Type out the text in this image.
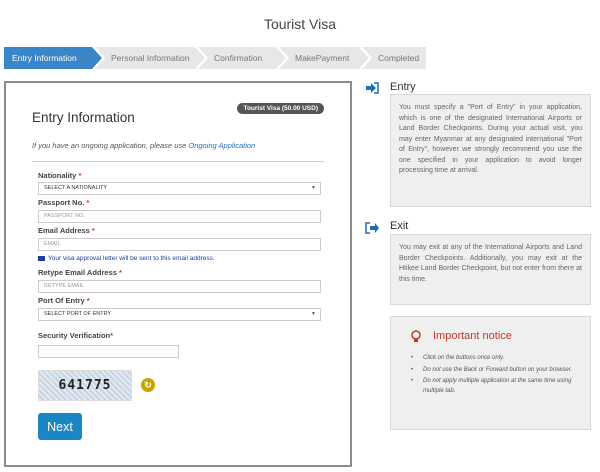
Tourist Visa
Entry Information	Personal Information	Confirmation	MakePayment	Completed
Entry Information
Tourist Visa (50.00 USD)
If you have an ongoing application, please use Ongoing Application
Nationality *
SELECT A NATIONALITY	▼
Passport No. *
PASSPORT NO.
Email Address *
EMAIL
Your visa approval letter will be sent to this email address.
Retype Email Address *
RETYPE EMAIL
Port Of Entry *
SELECT PORT OF ENTRY	▼
Security Verification*
641775	↻
Next
Entry
You must specify a "Port of Entry" in your application, which is one of the designated International Airports or Land Border Checkpoints. During your actual visit, you may enter Myanmar at any designated international "Port of Entry", however we strongly recommend you use the one specified in your application to avoid longer processing time at arrival.
Exit
You may exit at any of the International Airports and Land Border Checkpoints. Additionally, you may exit at the Htikee Land Border Checkpoint, but not enter from there at this time.
Important notice
• Click on the buttons once only.
• Do not use the Back or Forward button on your browser.
• Do not apply multiple application at the same time using multiple tab.
